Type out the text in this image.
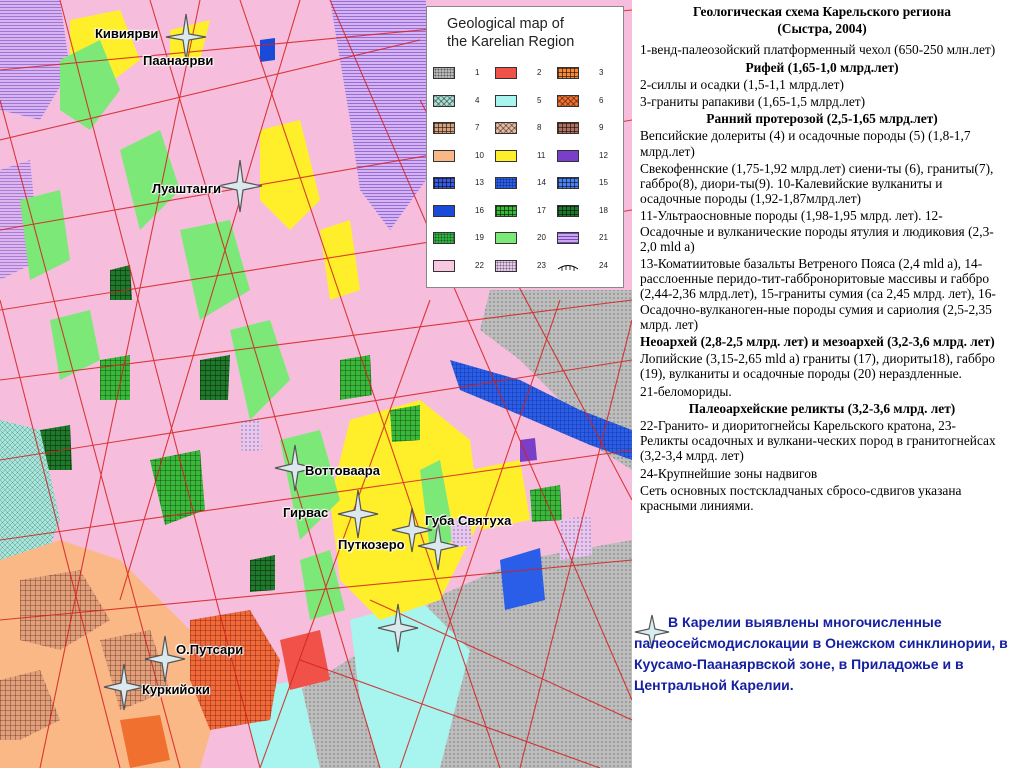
Кивиярви
Паанаярви
Луаштанги
Воттоваара
Гирвас
Губа Святуха
Путкозеро
О.Путсари
Куркийоки
Geological map of
the Karelian Region
1	2	3
4	5	6
7	8	9
10	11	12
13	14	15
16	17	18
19	20	21
22	23	24

Геологическая схема Карельского региона

(Сыстра, 2004)

1-венд-палеозойский платформенный чехол (650-250 млн.лет)

Рифей (1,65-1,0 млрд.лет)

2-силлы и осадки (1,5-1,1 млрд.лет)

3-граниты рапакиви (1,65-1,5 млрд.лет)

Ранний протерозой (2,5-1,65 млрд.лет)

Вепсийские долериты (4) и осадочные породы (5) (1,8-1,7 млрд.лет)

Свекофеннские (1,75-1,92 млрд.лет) сиени-ты (6), граниты(7), габбро(8), диори-ты(9). 10-Калевийские вулканиты и осадочные породы (1,92-1,87млрд.лет)

11-Ультраосновные породы (1,98-1,95 млрд. лет). 12- Осадочные и вулканические породы ятулия и людиковия (2,3-2,0 mld a)

13-Коматиитовые базальты Ветреного Пояса (2,4 mld a), 14-расслоенные перидо-тит-габброноритовые массивы и габбро (2,44-2,36 млрд.лет), 15-граниты сумия (са 2,45 млрд. лет), 16-Осадочно-вулканоген-ные породы сумия и сариолия (2,5-2,35 млрд. лет)

Неоархей (2,8-2,5 млрд. лет) и мезоархей (3,2-3,6 млрд. лет)

Лопийские (3,15-2,65 mld a) граниты (17), диориты18), габбро (19), вулканиты и осадочные породы (20) нераздленные.

21-беломориды.

Палеоархейские реликты (3,2-3,6 млрд. лет)

22-Гранито- и диоритогнейсы Карельского кратона, 23-Реликты осадочных и вулкани-ческих пород в гранитогнейсах (3,2-3,4 млрд. лет)

24-Крупнейшие зоны надвигов

Сеть основных постскладчаных сбросо-сдвигов указана красными линиями.

В Карелии выявлены многочисленные палеосейсмодислокации в Онежском синклинории, в Куусамо-Паанаярвской зоне, в Приладожье и в Центральной Карелии.
